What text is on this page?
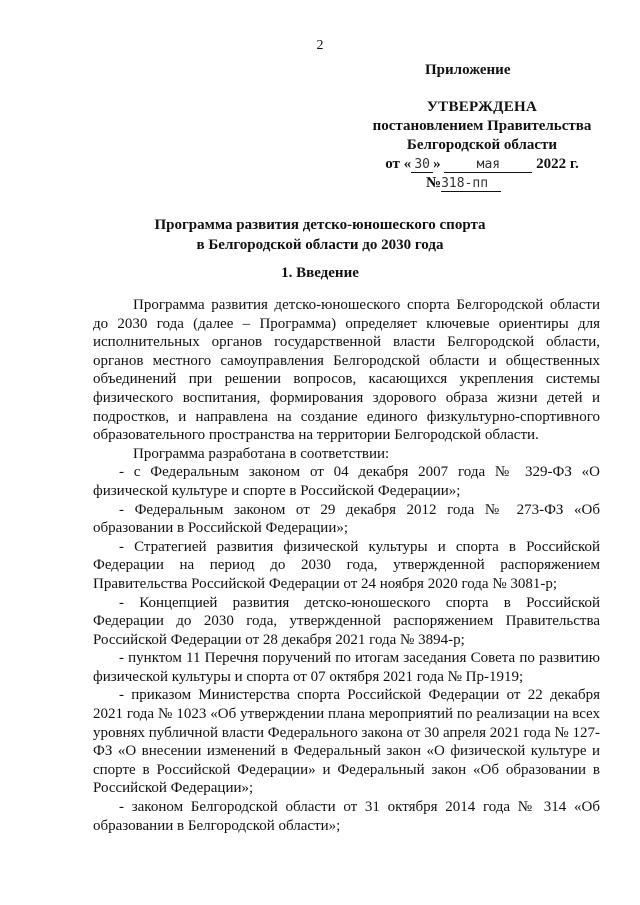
2
Приложение
УТВЕРЖДЕНА
постановлением Правительства
Белгородской области
от « 30 » мая 2022 г.
№318-пп
Программа развития детско-юношеского спорта
в Белгородской области до 2030 года
1. Введение

Программа развития детско-юношеского спорта Белгородской области до 2030 года (далее – Программа) определяет ключевые ориентиры для исполнительных органов государственной власти Белгородской области, органов местного самоуправления Белгородской области и общественных объединений при решении вопросов, касающихся укрепления системы физического воспитания, формирования здорового образа жизни детей и подростков, и направлена на создание единого физкультурно-спортивного образовательного пространства на территории Белгородской области.

Программа разработана в соответствии:

- с Федеральным законом от 04 декабря 2007 года № 329-ФЗ «О физической культуре и спорте в Российской Федерации»;

- Федеральным законом от 29 декабря 2012 года № 273-ФЗ «Об образовании в Российской Федерации»;

- Стратегией развития физической культуры и спорта в Российской Федерации на период до 2030 года, утвержденной распоряжением Правительства Российской Федерации от 24 ноября 2020 года № 3081-р;

- Концепцией развития детско-юношеского спорта в Российской Федерации до 2030 года, утвержденной распоряжением Правительства Российской Федерации от 28 декабря 2021 года № 3894-р;

- пунктом 11 Перечня поручений по итогам заседания Совета по развитию физической культуры и спорта от 07 октября 2021 года № Пр-1919;

- приказом Министерства спорта Российской Федерации от 22 декабря 2021 года № 1023 «Об утверждении плана мероприятий по реализации на всех уровнях публичной власти Федерального закона от 30 апреля 2021 года № 127-ФЗ «О внесении изменений в Федеральный закон «О физической культуре и спорте в Российской Федерации» и Федеральный закон «Об образовании в Российской Федерации»;

- законом Белгородской области от 31 октября 2014 года № 314 «Об образовании в Белгородской области»;
